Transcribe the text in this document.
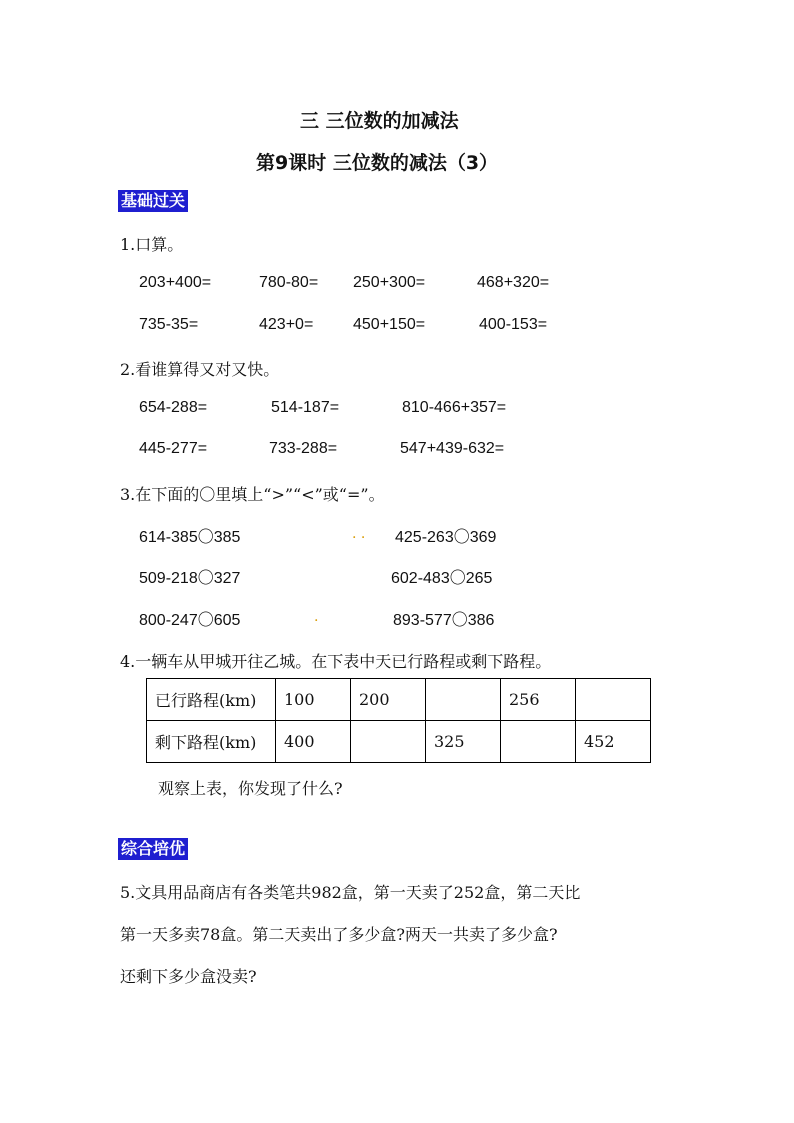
三 三位数的加减法
第9课时 三位数的减法（3）
基础过关
1.口算。
203+400=	780-80= 250+300=	468+320=
735-35=	423+0= 450+150=	400-153=
2.看谁算得又对又快。
654-288=	514-187=	810-466+357=
445-277=	733-288=	547+439-632=
3.在下面的〇里填上“>”“<”或“=”。
614-385〇385	. . 425-263〇369
509-218〇327	602-483〇265
800-247〇605	.	893-577〇386
4.一辆车从甲城开往乙城。在下表中天已行路程或剩下路程。
已行路程(km)	100	200		256	
剩下路程(km)	400		325		452
观察上表，你发现了什么?
综合培优
5.文具用品商店有各类笔共982盒，第一天卖了252盒，第二天比
第一天多卖78盒。第二天卖出了多少盒?两天一共卖了多少盒?
还剩下多少盒没卖?
